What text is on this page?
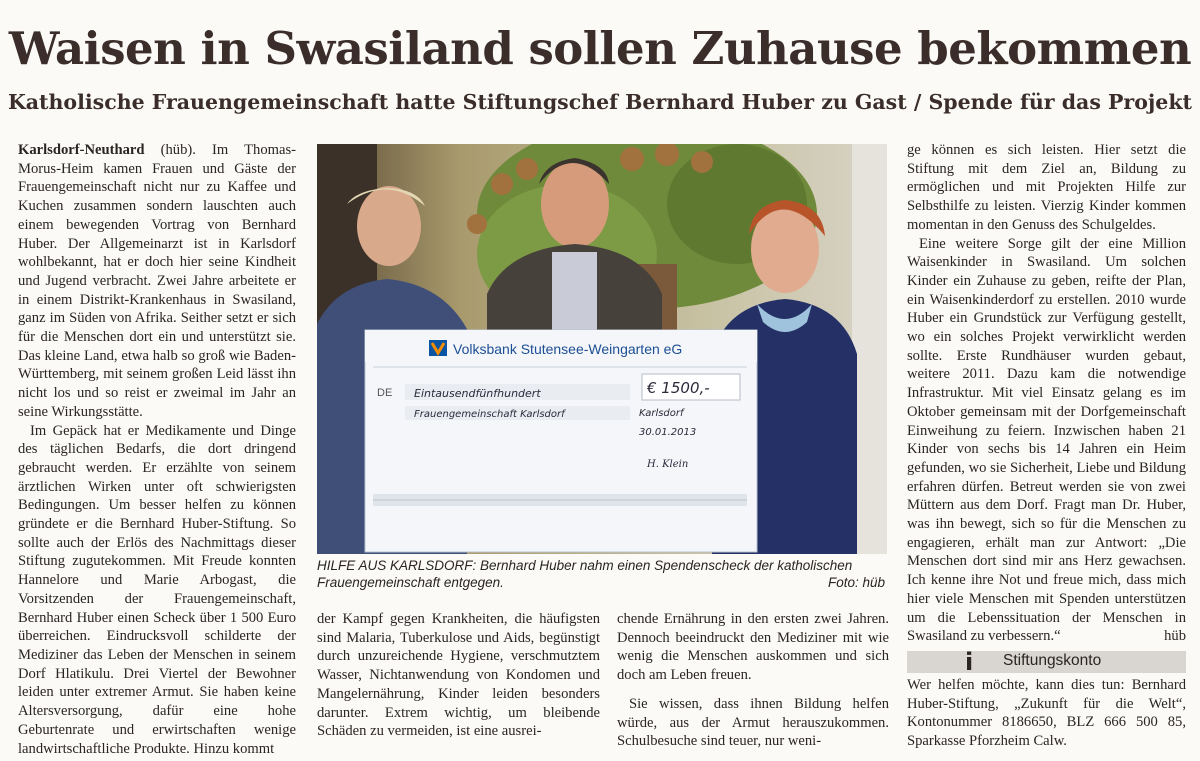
Waisen in Swasiland sollen Zuhause bekommen
Katholische Frauengemeinschaft hatte Stiftungschef Bernhard Huber zu Gast / Spende für das Projekt

Karlsdorf-Neuthard (hüb). Im Thomas-Morus-Heim kamen Frauen und Gäste der Frauengemeinschaft nicht nur zu Kaffee und Kuchen zusammen sondern lauschten auch einem bewegenden Vortrag von Bernhard Huber. Der Allgemeinarzt ist in Karlsdorf wohlbekannt, hat er doch hier seine Kindheit und Jugend verbracht. Zwei Jahre arbeitete er in einem Distrikt-Krankenhaus in Swasiland, ganz im Süden von Afrika. Seither setzt er sich für die Menschen dort ein und unterstützt sie. Das kleine Land, etwa halb so groß wie Baden-Württemberg, mit seinem großen Leid lässt ihn nicht los und so reist er zweimal im Jahr an seine Wirkungsstätte.

Im Gepäck hat er Medikamente und Dinge des täglichen Bedarfs, die dort dringend gebraucht werden. Er erzählte von seinem ärztlichen Wirken unter oft schwierigsten Bedingungen. Um besser helfen zu können gründete er die Bernhard Huber-Stiftung. So sollte auch der Erlös des Nachmittags dieser Stiftung zugutekommen. Mit Freude konnten Hannelore und Marie Arbogast, die Vorsitzenden der Frauengemeinschaft, Bernhard Huber einen Scheck über 1 500 Euro überreichen. Eindrucksvoll schilderte der Mediziner das Leben der Menschen in seinem Dorf Hlatikulu. Drei Viertel der Bewohner leiden unter extremer Armut. Sie haben keine Altersversorgung, dafür eine hohe Geburtenrate und erwirtschaften wenige landwirtschaftliche Produkte. Hinzu kommt

Volksbank Stutensee-Weingarten eG
DE Eintausendfünfhundert	€ 1500,-
Frauengemeinschaft Karlsdorf	Karlsdorf
30.01.2013
H. Klein
HILFE AUS KARLSDORF: Bernhard Huber nahm einen Spendenscheck der katholischen Frauengemeinschaft entgegen.	Foto: hüb

der Kampf gegen Krankheiten, die häufigsten sind Malaria, Tuberkulose und Aids, begünstigt durch unzureichende Hygiene, verschmutztem Wasser, Nichtanwendung von Kondomen und Mangelernährung, Kinder leiden besonders darunter. Extrem wichtig, um bleibende Schäden zu vermeiden, ist eine ausrei-

chende Ernährung in den ersten zwei Jahren. Dennoch beeindruckt den Mediziner mit wie wenig die Menschen auskommen und sich doch am Leben freuen.

Sie wissen, dass ihnen Bildung helfen würde, aus der Armut herauszukommen. Schulbesuche sind teuer, nur weni-

ge können es sich leisten. Hier setzt die Stiftung mit dem Ziel an, Bildung zu ermöglichen und mit Projekten Hilfe zur Selbsthilfe zu leisten. Vierzig Kinder kommen momentan in den Genuss des Schulgeldes.

Eine weitere Sorge gilt der eine Million Waisenkinder in Swasiland. Um solchen Kinder ein Zuhause zu geben, reifte der Plan, ein Waisenkinderdorf zu erstellen. 2010 wurde Huber ein Grundstück zur Verfügung gestellt, wo ein solches Projekt verwirklicht werden sollte. Erste Rundhäuser wurden gebaut, weitere 2011. Dazu kam die notwendige Infrastruktur. Mit viel Einsatz gelang es im Oktober gemeinsam mit der Dorfgemeinschaft Einweihung zu feiern. Inzwischen haben 21 Kinder von sechs bis 14 Jahren ein Heim gefunden, wo sie Sicherheit, Liebe und Bildung erfahren dürfen. Betreut werden sie von zwei Müttern aus dem Dorf. Fragt man Dr. Huber, was ihn bewegt, sich so für die Menschen zu engagieren, erhält man zur Antwort: „Die Menschen dort sind mir ans Herz gewachsen. Ich kenne ihre Not und freue mich, dass mich hier viele Menschen mit Spenden unterstützen um die Lebenssituation der Menschen in Swasiland zu verbessern.“	hüb

i Stiftungskonto
Wer helfen möchte, kann dies tun: Bernhard Huber-Stiftung, „Zukunft für die Welt“, Kontonummer 8186650, BLZ 666 500 85, Sparkasse Pforzheim Calw.
